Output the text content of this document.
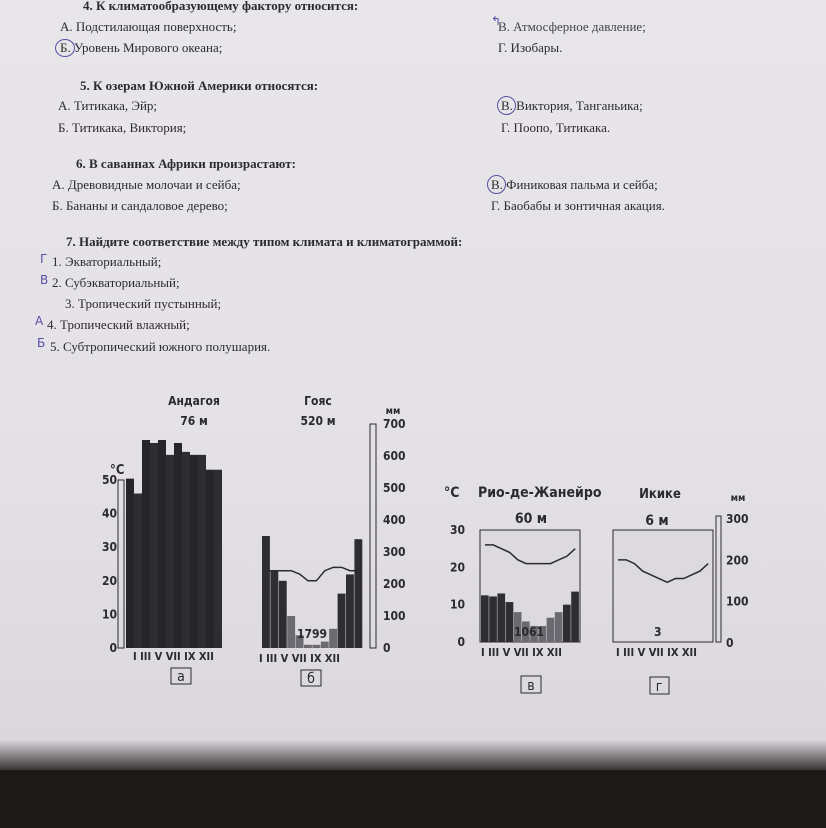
4. К климатообразующему фактору относится:
А. Подстилающая поверхность;
Б. Уровень Мирового океана;
В. Атмосферное давление;
↰
Г. Изобары.
5. К озерам Южной Америки относятся:
А. Титикака, Эйр;
Б. Титикака, Виктория;
В. Виктория, Танганьика;
Г. Поопо, Титикака.
6. В саваннах Африки произрастают:
А. Древовидные молочаи и сейба;
Б. Бананы и сандаловое дерево;
В. Финиковая пальма и сейба;
Г. Баобабы и зонтичная акация.
7. Найдите соответствие между типом климата и климатограммой:
Г 1. Экваториальный;
В 2. Субэкваториальный;
3. Тропический пустынный;
А 4. Тропический влажный;
Б 5. Субтропический южного полушария.
Андагоя
76 м
°C
0
10
20
30
40
50
I III V VII IX XII
а
Гояс
520 м
мм
0
100
200
300
400
500
600
700
1799
I III V VII IX XII
б
°C Рио-де-Жанейро
60 м
0
10
20
30
1061
I III V VII IX XII
в
Икике
6 м
мм
0
100
200
300
3
I III V VII IX XII
г
